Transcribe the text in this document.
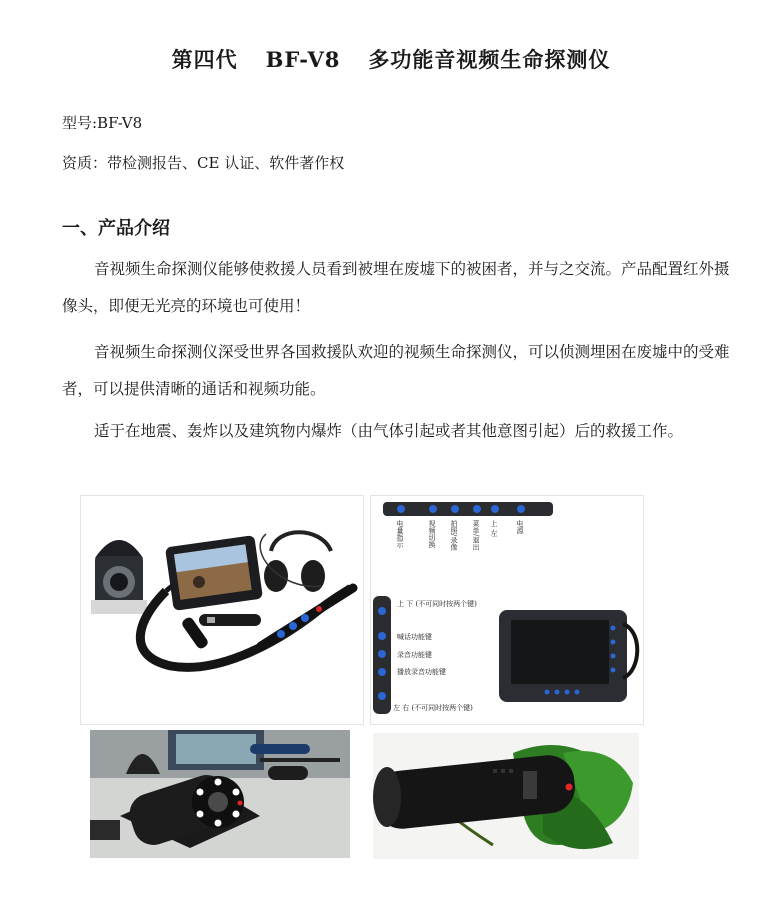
第四代 BF-V8 多功能音视频生命探测仪
型号:BF-V8
资质：带检测报告、CE 认证、软件著作权
一、产品介绍
音视频生命探测仪能够使救援人员看到被埋在废墟下的被困者，并与之交流。产品配置红外摄像头，即便无光亮的环境也可使用！
音视频生命探测仪深受世界各国救援队欢迎的视频生命探测仪，可以侦测埋困在废墟中的受难者，可以提供清晰的通话和视频功能。
适于在地震、轰炸以及建筑物内爆炸（由气体引起或者其他意图引起）后的救援工作。
电量指示	视频切换 拍照/录像 菜单/退出 上 左	电源
上 下 (不可同时按两个键)
喊话功能键
录音功能键
播放录音功能键
左 右 (不可同时按两个键)
